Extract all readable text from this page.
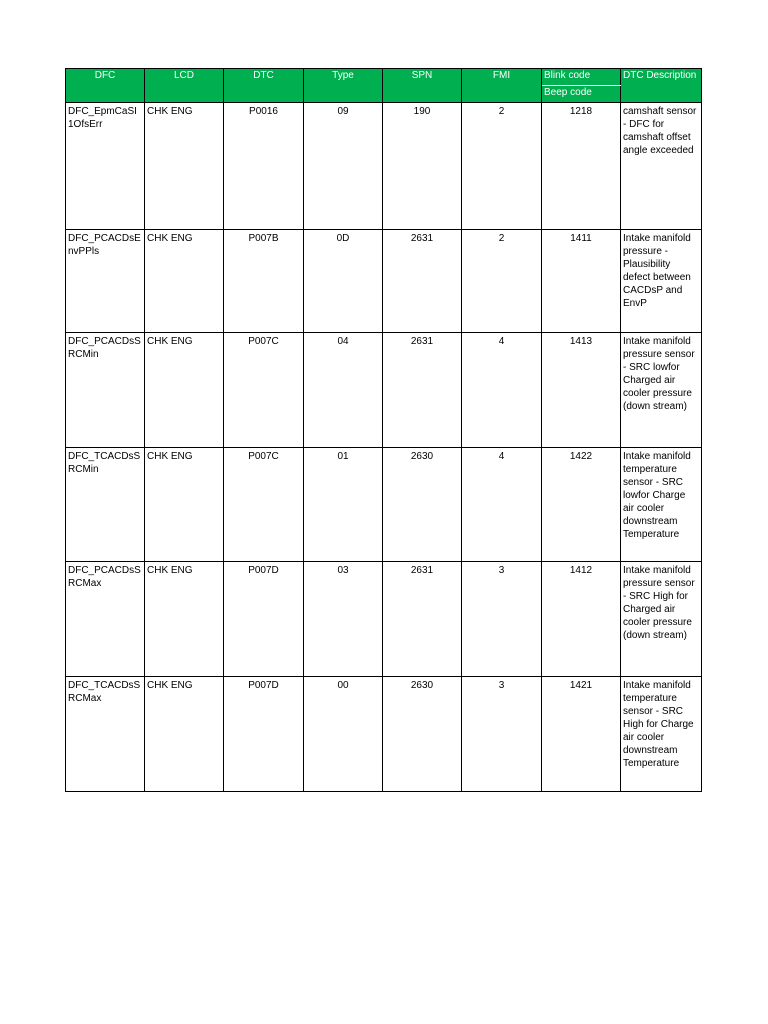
DFC	LCD	DTC	Type	SPN	FMI	Blink code	DTC Description
						Beep code	
DFC_EpmCaSI1OfsErr	CHK ENG	P0016	09	190	2	1218	camshaft sensor - DFC for camshaft offset angle exceeded
DFC_PCACDsEnvPPls	CHK ENG	P007B	0D	2631	2	1411	Intake manifold pressure - Plausibility defect between CACDsP and EnvP
DFC_PCACDsSRCMin	CHK ENG	P007C	04	2631	4	1413	Intake manifold pressure sensor - SRC lowfor Charged air cooler pressure (down stream)
DFC_TCACDsSRCMin	CHK ENG	P007C	01	2630	4	1422	Intake manifold temperature sensor - SRC lowfor Charge air cooler downstream Temperature
DFC_PCACDsSRCMax	CHK ENG	P007D	03	2631	3	1412	Intake manifold pressure sensor - SRC High for Charged air cooler pressure (down stream)
DFC_TCACDsSRCMax	CHK ENG	P007D	00	2630	3	1421	Intake manifold temperature sensor - SRC High for Charge air cooler downstream Temperature
